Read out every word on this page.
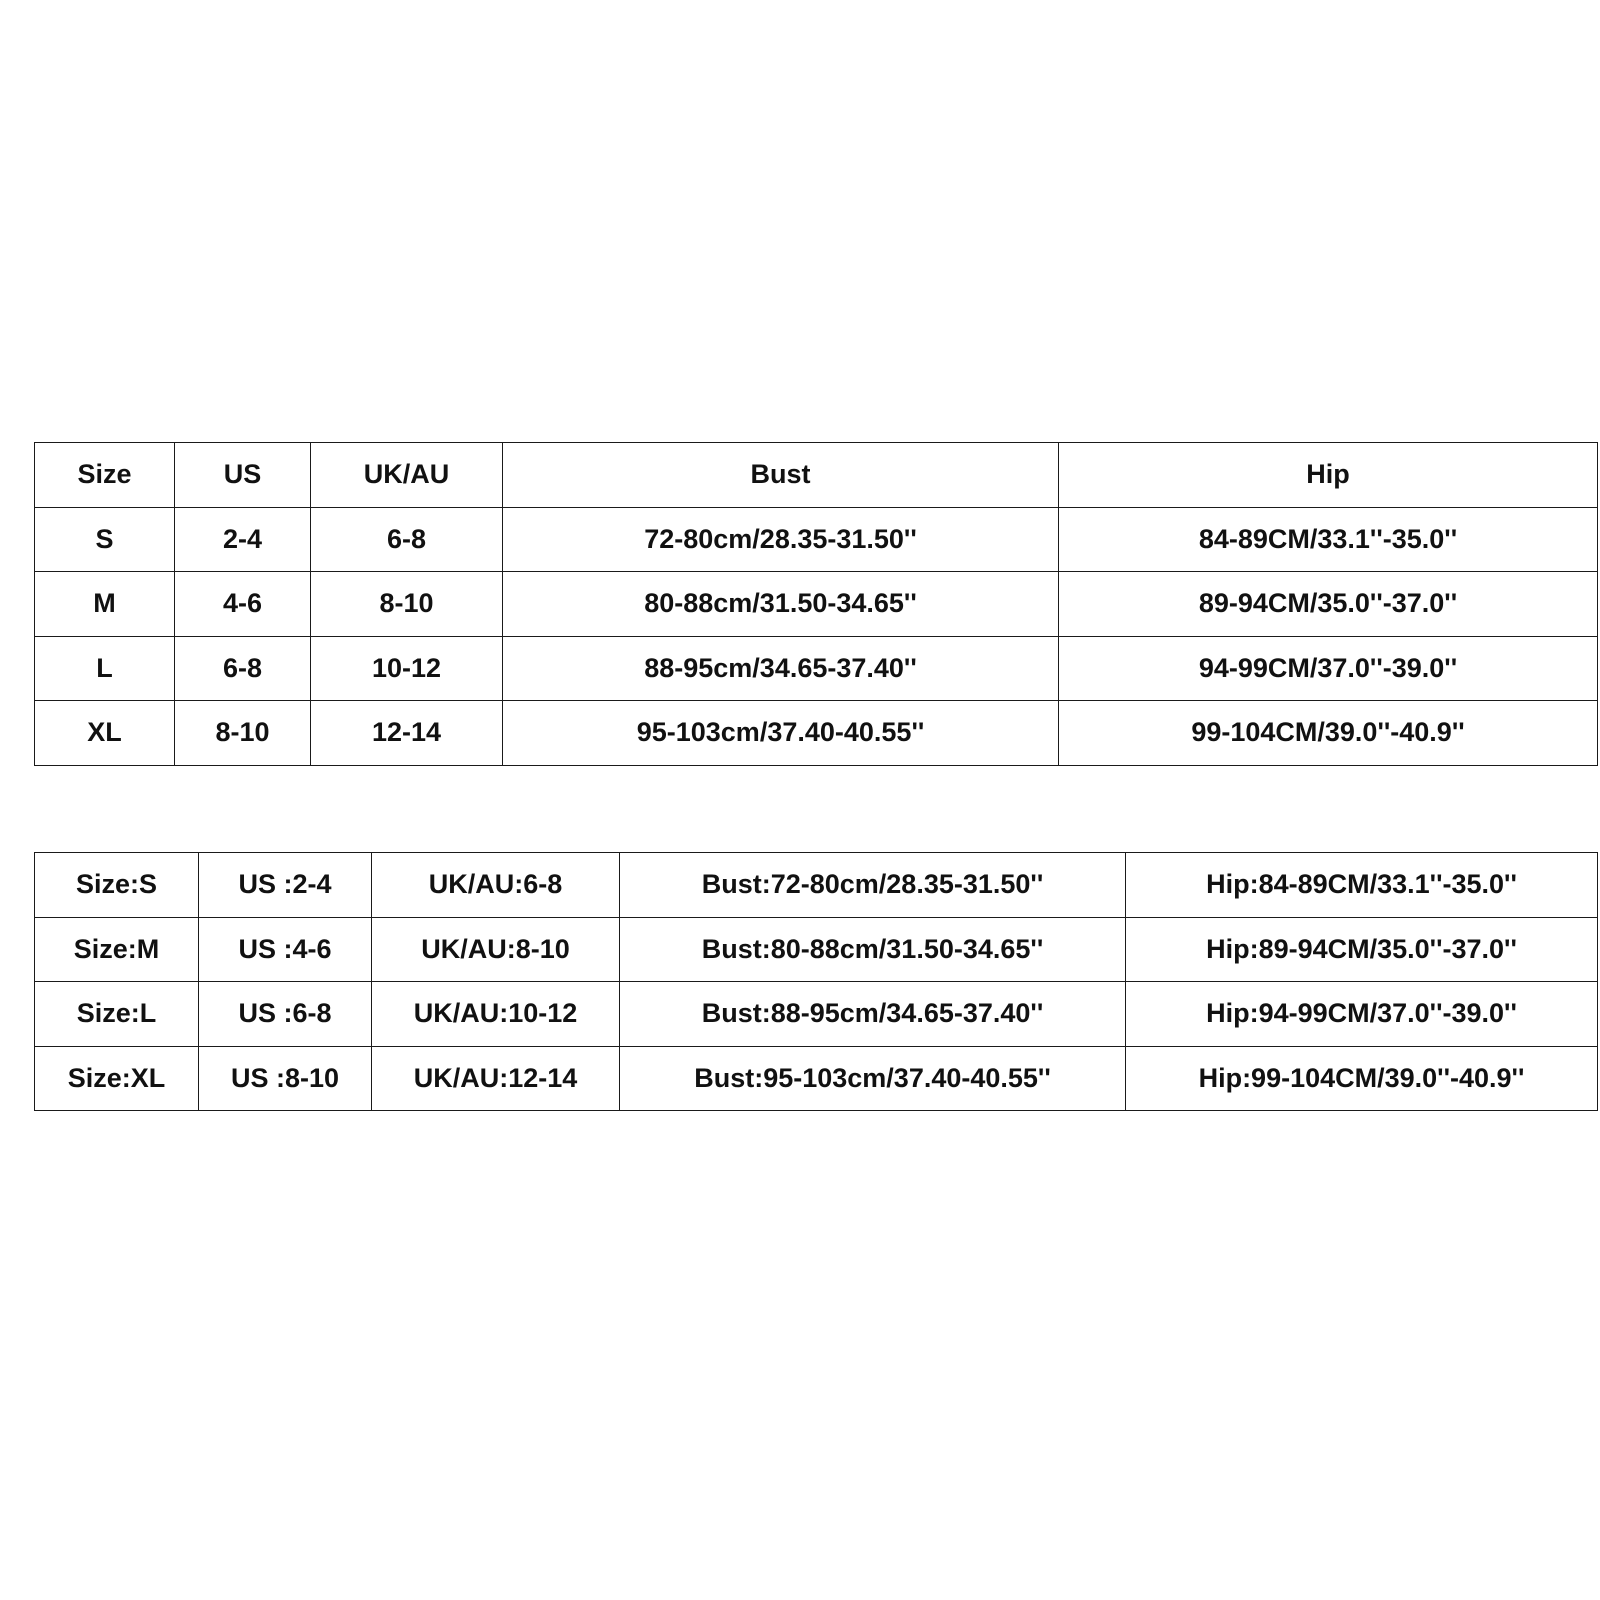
Size	US	UK/AU	Bust	Hip
S	2-4	6-8	72-80cm/28.35-31.50''	84-89CM/33.1''-35.0''
M	4-6	8-10	80-88cm/31.50-34.65''	89-94CM/35.0''-37.0''
L	6-8	10-12	88-95cm/34.65-37.40''	94-99CM/37.0''-39.0''
XL	8-10	12-14	95-103cm/37.40-40.55''	99-104CM/39.0''-40.9''
Size:S	US :2-4	UK/AU:6-8	Bust:72-80cm/28.35-31.50''	Hip:84-89CM/33.1''-35.0''
Size:M	US :4-6	UK/AU:8-10	Bust:80-88cm/31.50-34.65''	Hip:89-94CM/35.0''-37.0''
Size:L	US :6-8	UK/AU:10-12	Bust:88-95cm/34.65-37.40''	Hip:94-99CM/37.0''-39.0''
Size:XL	US :8-10	UK/AU:12-14	Bust:95-103cm/37.40-40.55''	Hip:99-104CM/39.0''-40.9''
